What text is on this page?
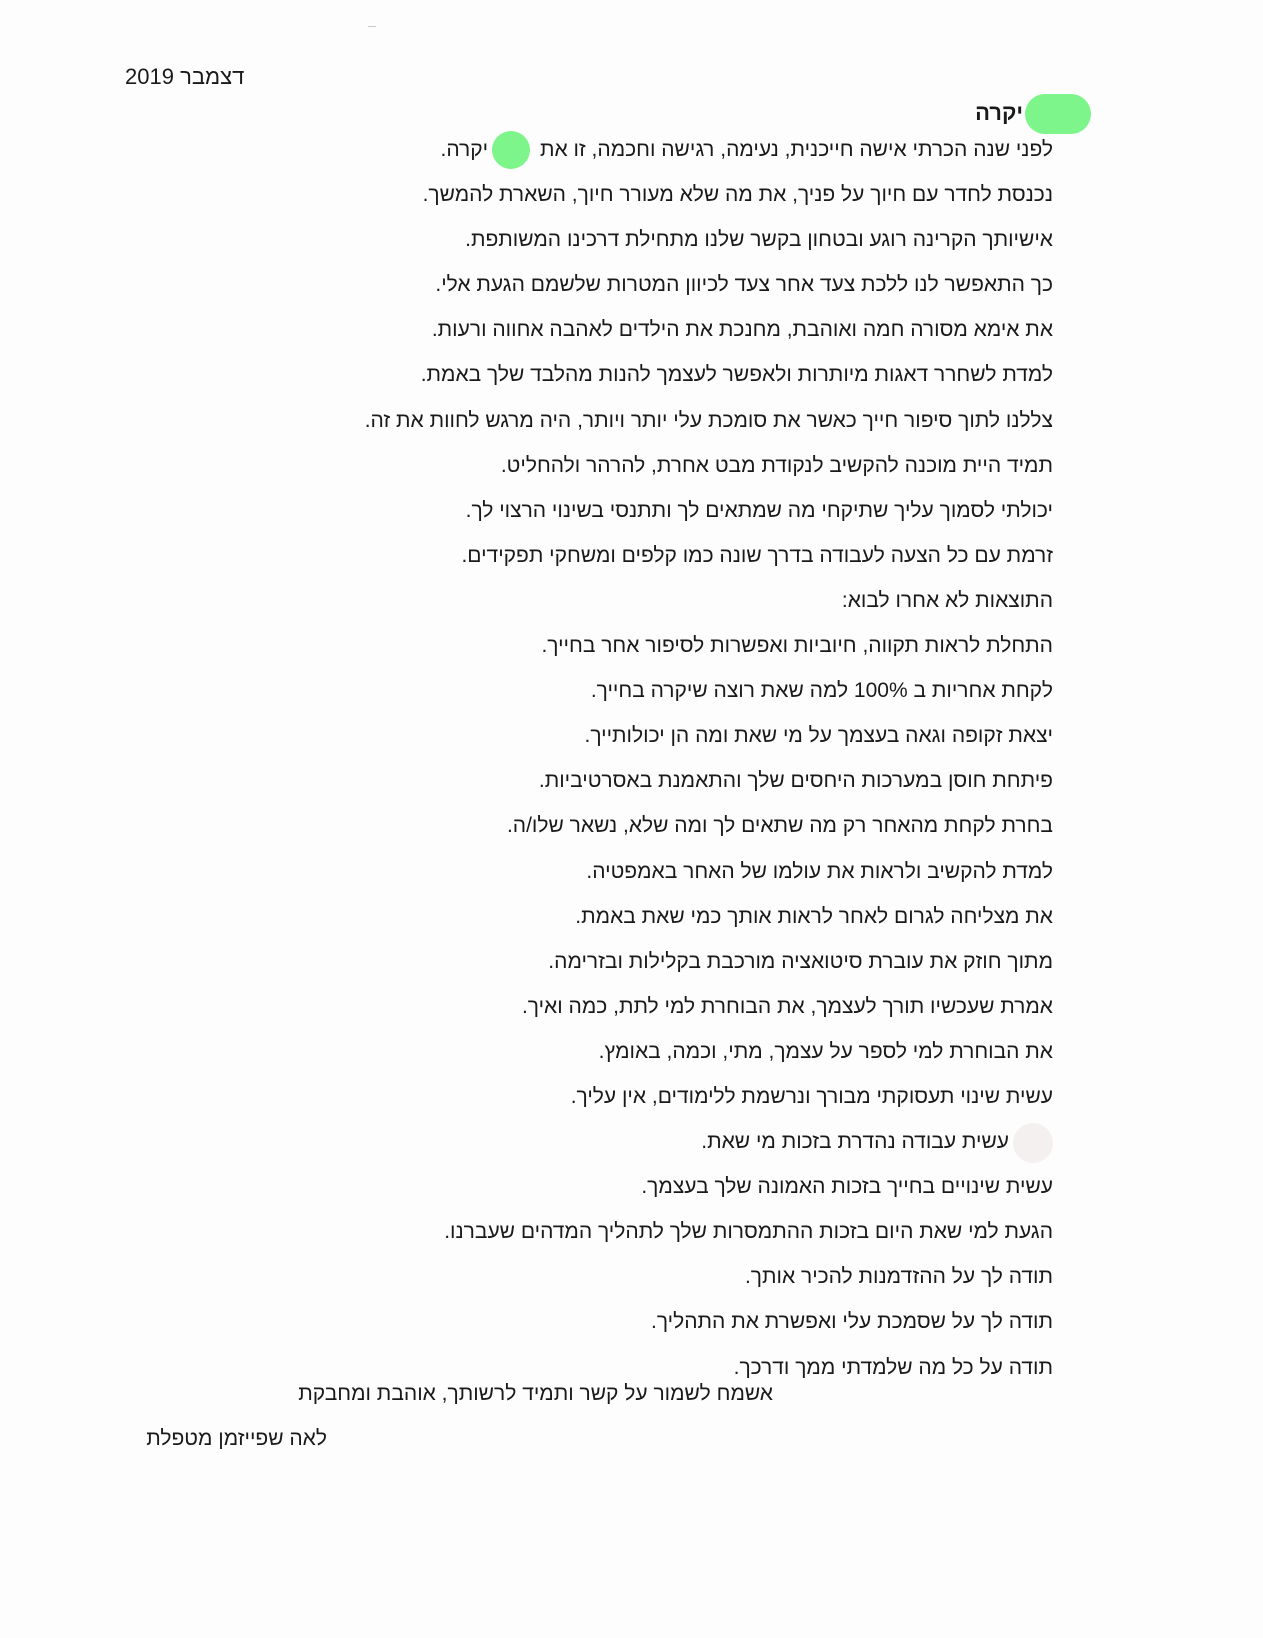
דצמבר 2019
יקרה
לפני שנה הכרתי אישה חייכנית, נעימה, רגישה וחכמה, זו את יקרה.
נכנסת לחדר עם חיוך על פניך, את מה שלא מעורר חיוך, השארת להמשך.
אישיותך הקרינה רוגע ובטחון בקשר שלנו מתחילת דרכינו המשותפת.
כך התאפשר לנו ללכת צעד אחר צעד לכיוון המטרות שלשמם הגעת אלי.
את אימא מסורה חמה ואוהבת, מחנכת את הילדים לאהבה אחווה ורעות.
למדת לשחרר דאגות מיותרות ולאפשר לעצמך להנות מהלבד שלך באמת.
צללנו לתוך סיפור חייך כאשר את סומכת עלי יותר ויותר, היה מרגש לחוות את זה.
תמיד היית מוכנה להקשיב לנקודת מבט אחרת, להרהר ולהחליט.
יכולתי לסמוך עליך שתיקחי מה שמתאים לך ותתנסי בשינוי הרצוי לך.
זרמת עם כל הצעה לעבודה בדרך שונה כמו קלפים ומשחקי תפקידים.
התוצאות לא אחרו לבוא:
התחלת לראות תקווה, חיוביות ואפשרות לסיפור אחר בחייך.
לקחת אחריות ב 100% למה שאת רוצה שיקרה בחייך.
יצאת זקופה וגאה בעצמך על מי שאת ומה הן יכולותייך.
פיתחת חוסן במערכות היחסים שלך והתאמנת באסרטיביות.
בחרת לקחת מהאחר רק מה שתאים לך ומה שלא, נשאר שלו/ה.
למדת להקשיב ולראות את עולמו של האחר באמפטיה.
את מצליחה לגרום לאחר לראות אותך כמי שאת באמת.
מתוך חוזק את עוברת סיטואציה מורכבת בקלילות ובזרימה.
אמרת שעכשיו תורך לעצמך, את הבוחרת למי לתת, כמה ואיך.
את הבוחרת למי לספר על עצמך, מתי, וכמה, באומץ.
עשית שינוי תעסוקתי מבורך ונרשמת ללימודים, אין עליך.
עשית עבודה נהדרת בזכות מי שאת.
עשית שינויים בחייך בזכות האמונה שלך בעצמך.
הגעת למי שאת היום בזכות ההתמסרות שלך לתהליך המדהים שעברנו.
תודה לך על ההזדמנות להכיר אותך.
תודה לך על שסמכת עלי ואפשרת את התהליך.
תודה על כל מה שלמדתי ממך ודרכך.
אשמח לשמור על קשר ותמיד לרשותך, אוהבת ומחבקת
לאה שפייזמן מטפלת
